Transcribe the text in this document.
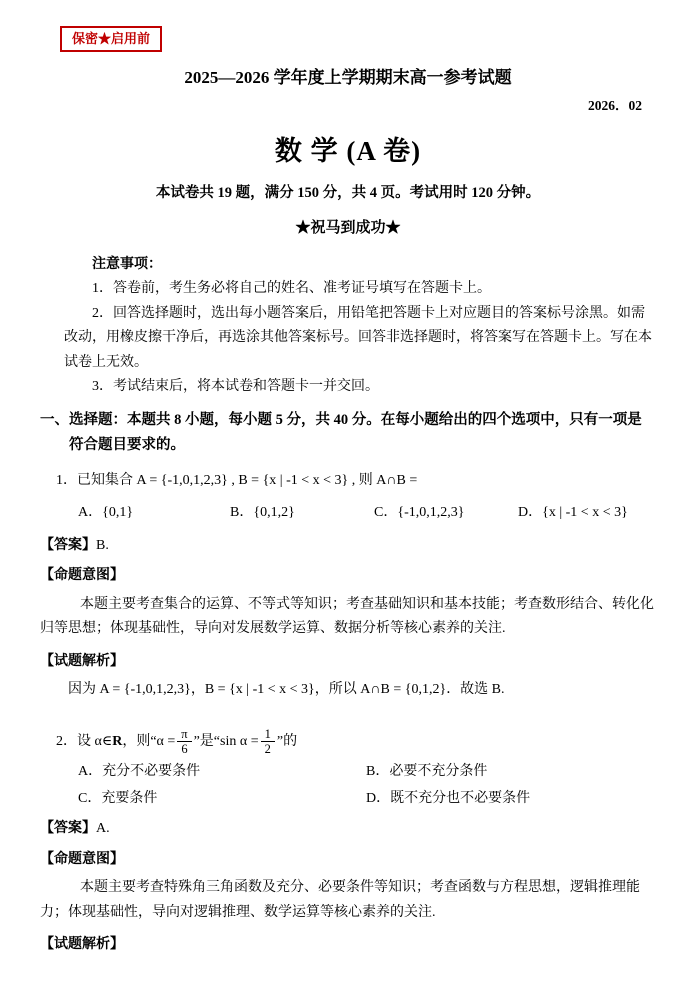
保密★启用前
2025—2026 学年度上学期期末高一参考试题
2026．02
数 学 (A 卷)
本试卷共 19 题，满分 150 分，共 4 页。考试用时 120 分钟。
★祝马到成功★
注意事项：

1．答卷前，考生务必将自己的姓名、准考证号填写在答题卡上。

2．回答选择题时，选出每小题答案后，用铅笔把答题卡上对应题目的答案标号涂黑。如需改动，用橡皮擦干净后，再选涂其他答案标号。回答非选择题时，将答案写在答题卡上。写在本试卷上无效。

3．考试结束后，将本试卷和答题卡一并交回。

一、选择题：本题共 8 小题，每小题 5 分，共 40 分。在每小题给出的四个选项中，只有一项是符合题目要求的。
1．已知集合 A = {-1,0,1,2,3} , B = {x | -1 < x < 3} , 则 A∩B =
A．{0,1}	B．{0,1,2}	C．{-1,0,1,2,3}	D．{x | -1 < x < 3}
【答案】B.
【命题意图】

本题主要考查集合的运算、不等式等知识；考查基础知识和基本技能；考查数形结合、转化化归等思想；体现基础性，导向对发展数学运算、数据分析等核心素养的关注.

【试题解析】

因为 A = {-1,0,1,2,3}，B = {x | -1 < x < 3}，所以 A∩B = {0,1,2}．故选 B.

2．设 α∈R，则“$\alpha = \frac{\pi}{6}$ ”是“sin $\alpha = \frac{1}{2}$ ”的
A．充分不必要条件	B．必要不充分条件
C．充要条件	D．既不充分也不必要条件
【答案】A.
【命题意图】

本题主要考查特殊角三角函数及充分、必要条件等知识；考查函数与方程思想，逻辑推理能力；体现基础性，导向对逻辑推理、数学运算等核心素养的关注.

【试题解析】
